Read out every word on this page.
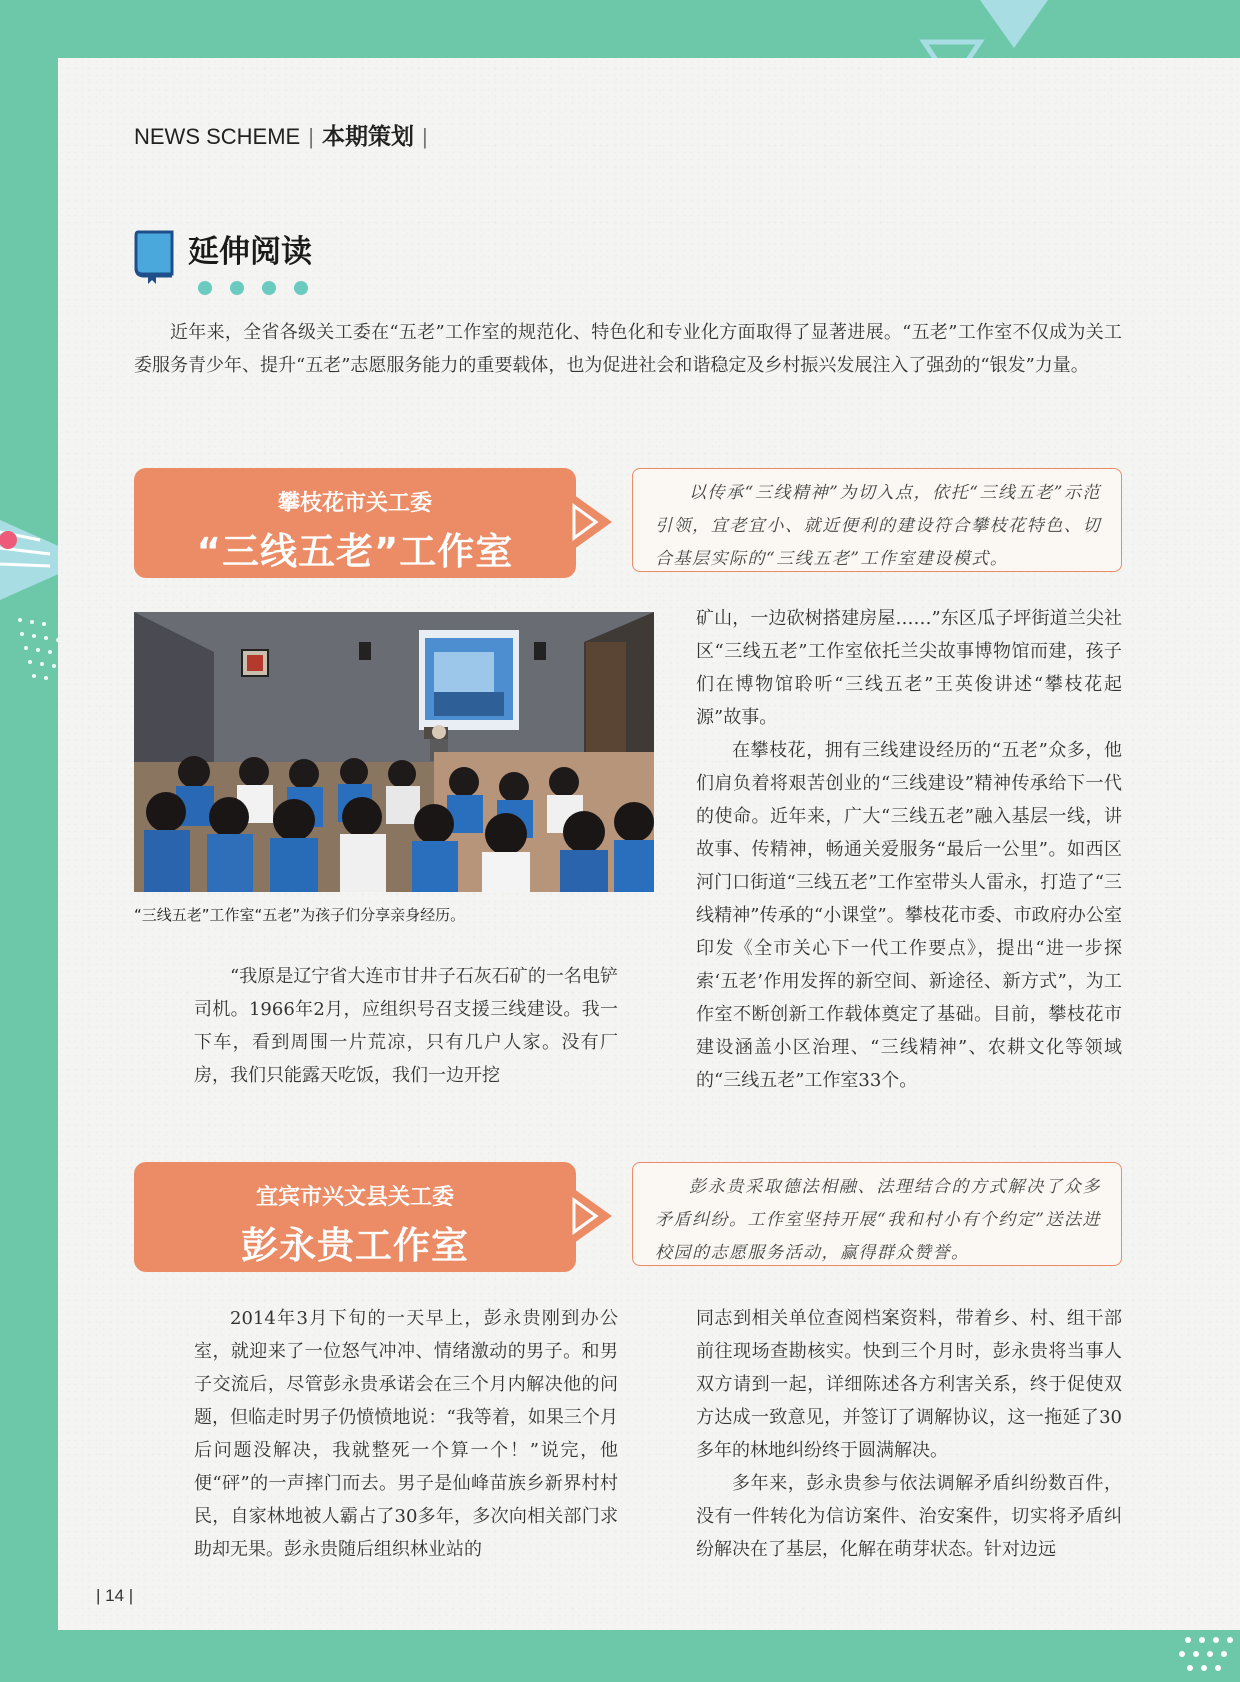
NEWS SCHEME | 本期策划 |
延伸阅读

近年来，全省各级关工委在“五老”工作室的规范化、特色化和专业化方面取得了显著进展。“五老”工作室不仅成为关工委服务青少年、提升“五老”志愿服务能力的重要载体，也为促进社会和谐稳定及乡村振兴发展注入了强劲的“银发”力量。

攀枝花市关工委
“三线五老”工作室

以传承“三线精神”为切入点，依托“三线五老”示范引领，宜老宜小、就近便利的建设符合攀枝花特色、切合基层实际的“三线五老”工作室建设模式。

“三线五老”工作室“五老”为孩子们分享亲身经历。

“我原是辽宁省大连市甘井子石灰石矿的一名电铲司机。1966年2月，应组织号召支援三线建设。我一下车，看到周围一片荒凉，只有几户人家。没有厂房，我们只能露天吃饭，我们一边开挖

矿山，一边砍树搭建房屋……”东区瓜子坪街道兰尖社区“三线五老”工作室依托兰尖故事博物馆而建，孩子们在博物馆聆听“三线五老”王英俊讲述“攀枝花起源”故事。

在攀枝花，拥有三线建设经历的“五老”众多，他们肩负着将艰苦创业的“三线建设”精神传承给下一代的使命。近年来，广大“三线五老”融入基层一线，讲故事、传精神，畅通关爱服务“最后一公里”。如西区河门口街道“三线五老”工作室带头人雷永，打造了“三线精神”传承的“小课堂”。攀枝花市委、市政府办公室印发《全市关心下一代工作要点》，提出“进一步探索‘五老’作用发挥的新空间、新途径、新方式”，为工作室不断创新工作载体奠定了基础。目前，攀枝花市建设涵盖小区治理、“三线精神”、农耕文化等领域的“三线五老”工作室33个。

宜宾市兴文县关工委
彭永贵工作室

彭永贵采取德法相融、法理结合的方式解决了众多矛盾纠纷。工作室坚持开展“我和村小有个约定”送法进校园的志愿服务活动，赢得群众赞誉。

2014年3月下旬的一天早上，彭永贵刚到办公室，就迎来了一位怒气冲冲、情绪激动的男子。和男子交流后，尽管彭永贵承诺会在三个月内解决他的问题，但临走时男子仍愤愤地说：“我等着，如果三个月后问题没解决，我就整死一个算一个！”说完，他便“砰”的一声摔门而去。男子是仙峰苗族乡新界村村民，自家林地被人霸占了30多年，多次向相关部门求助却无果。彭永贵随后组织林业站的

同志到相关单位查阅档案资料，带着乡、村、组干部前往现场查勘核实。快到三个月时，彭永贵将当事人双方请到一起，详细陈述各方利害关系，终于促使双方达成一致意见，并签订了调解协议，这一拖延了30多年的林地纠纷终于圆满解决。

多年来，彭永贵参与依法调解矛盾纠纷数百件，没有一件转化为信访案件、治安案件，切实将矛盾纠纷解决在了基层，化解在萌芽状态。针对边远

| 14 |
